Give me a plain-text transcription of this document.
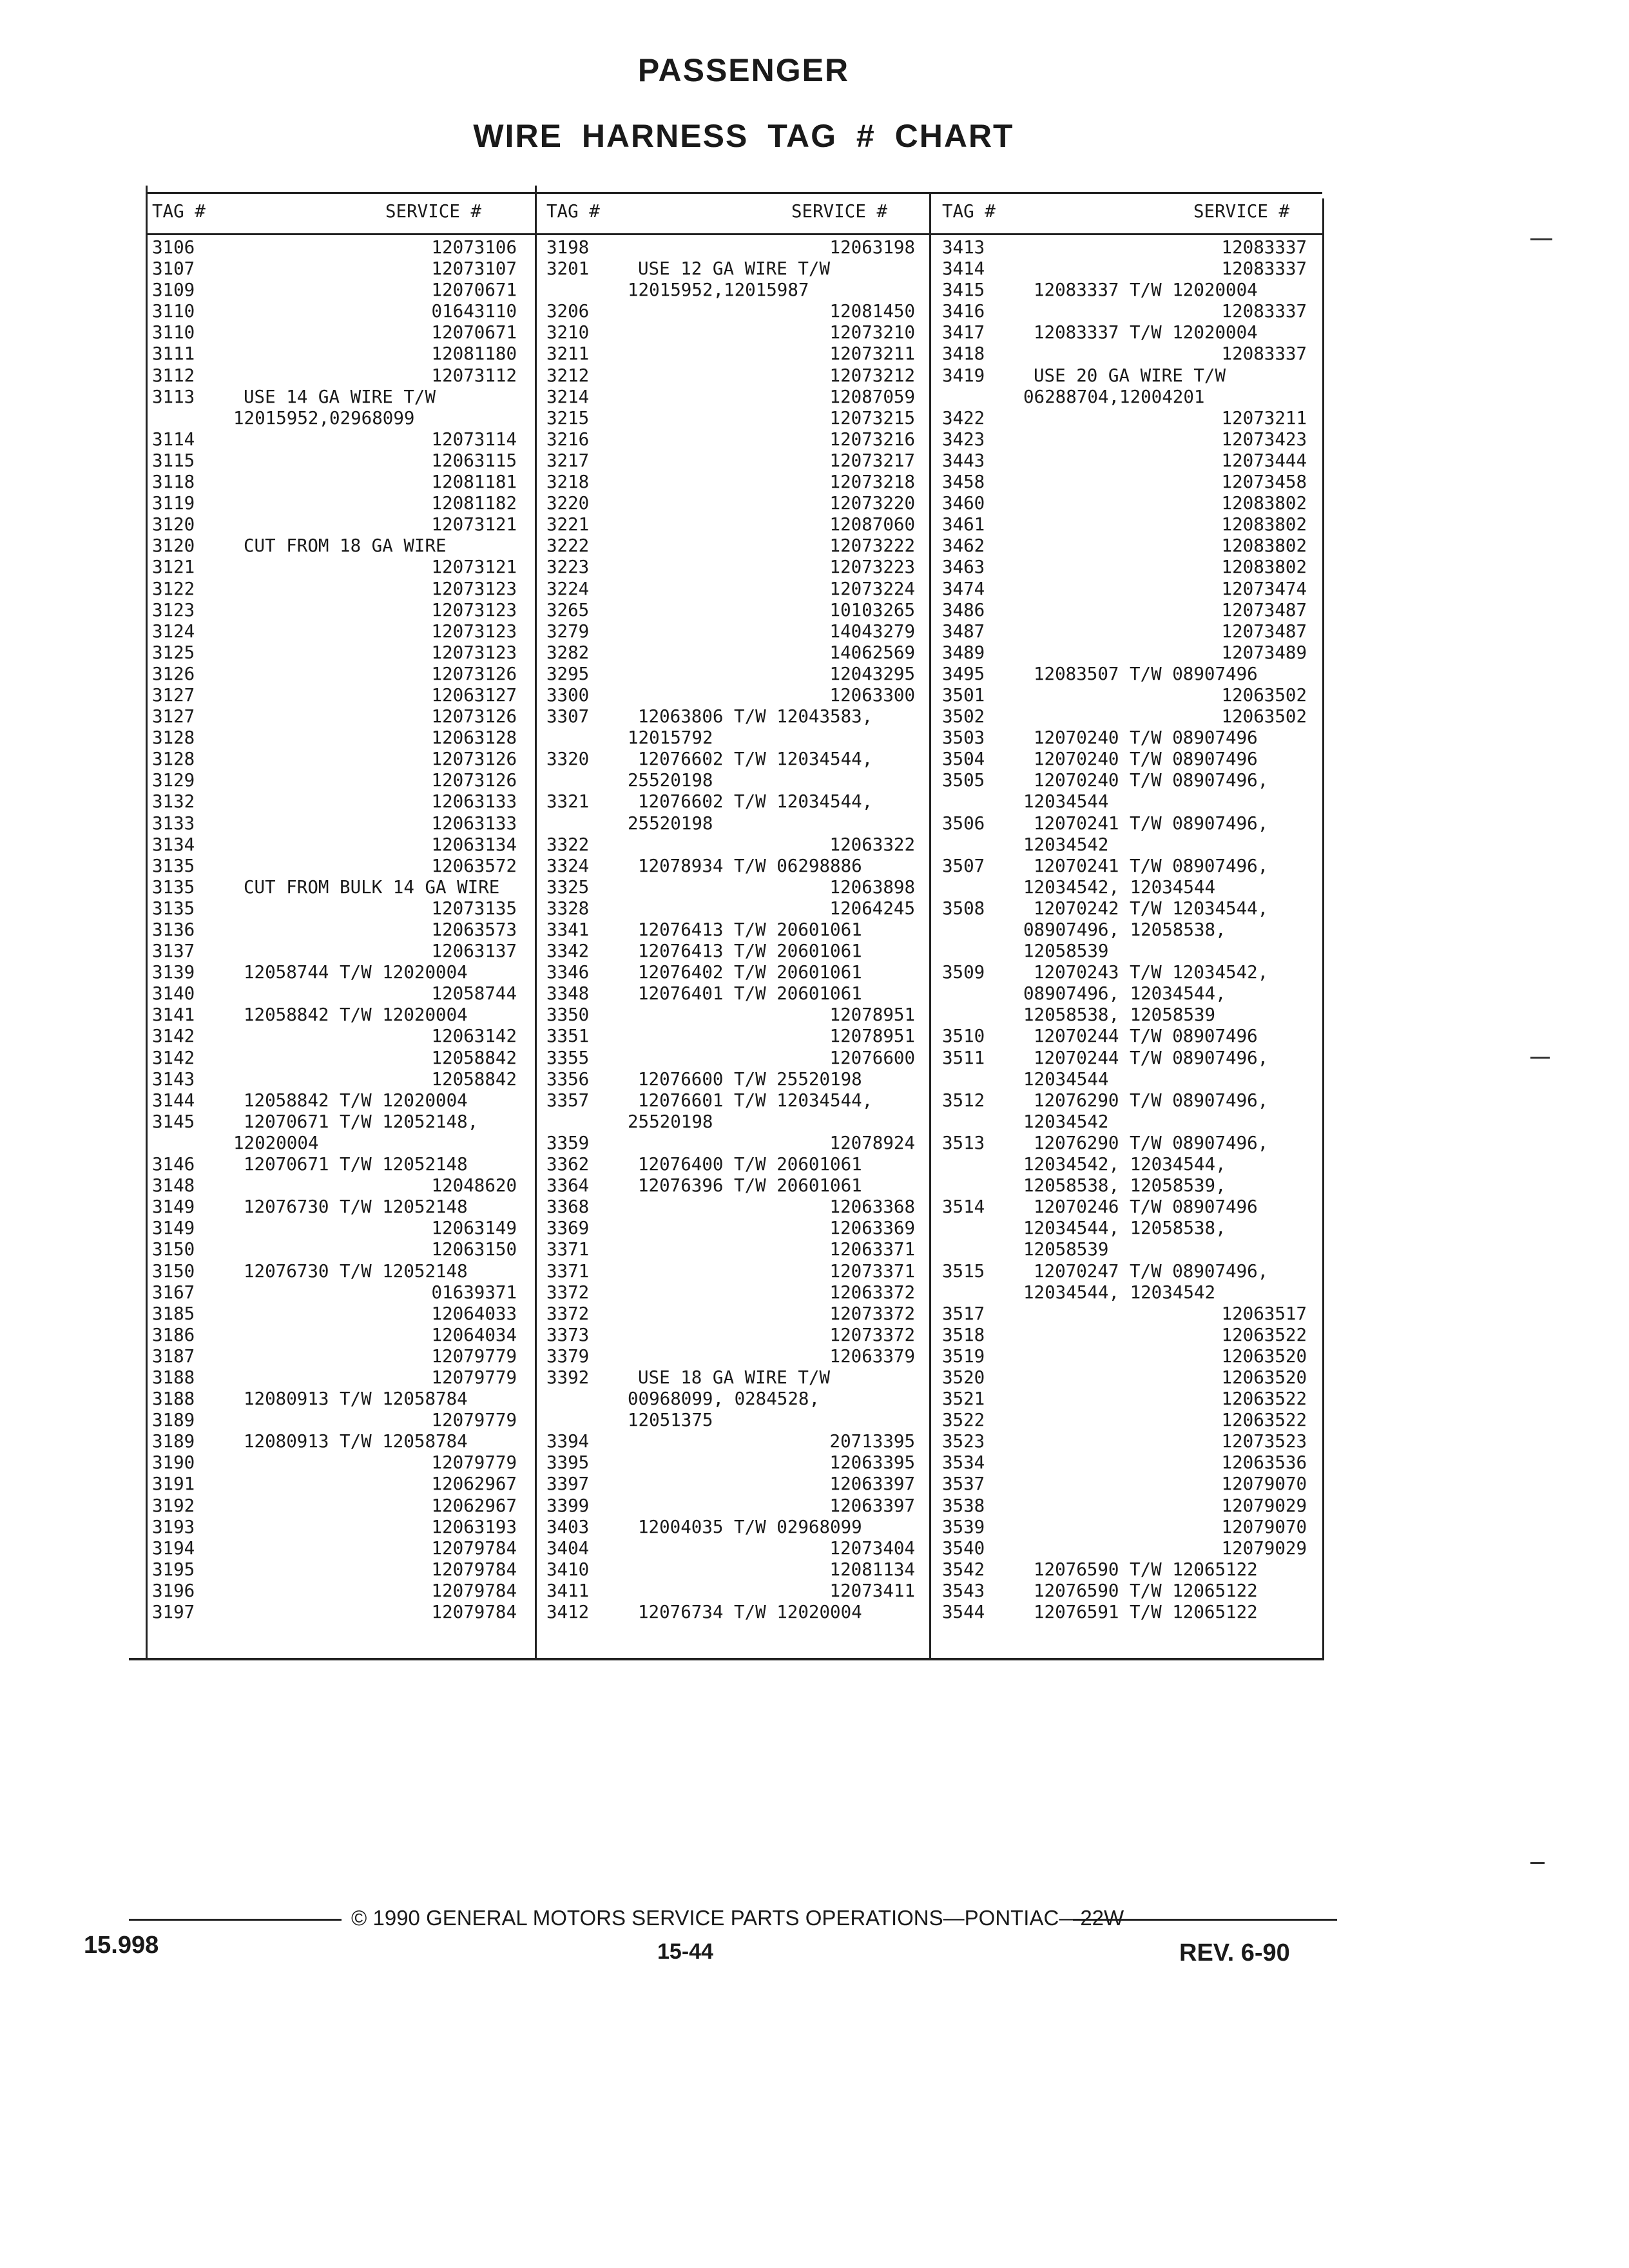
PASSENGER
WIRE HARNESS TAG # CHART
TAG #	SERVICE #
3106	12073106
3107	12073107
3109	12070671
3110	01643110
3110	12070671
3111	12081180
3112	12073112
3113	USE 14 GA WIRE T/W
12015952,02968099
3114	12073114
3115	12063115
3118	12081181
3119	12081182
3120	12073121
3120	CUT FROM 18 GA WIRE
3121	12073121
3122	12073123
3123	12073123
3124	12073123
3125	12073123
3126	12073126
3127	12063127
3127	12073126
3128	12063128
3128	12073126
3129	12073126
3132	12063133
3133	12063133
3134	12063134
3135	12063572
3135	CUT FROM BULK 14 GA WIRE
3135	12073135
3136	12063573
3137	12063137
3139	12058744 T/W 12020004
3140	12058744
3141	12058842 T/W 12020004
3142	12063142
3142	12058842
3143	12058842
3144	12058842 T/W 12020004
3145	12070671 T/W 12052148,
12020004
3146	12070671 T/W 12052148
3148	12048620
3149	12076730 T/W 12052148
3149	12063149
3150	12063150
3150	12076730 T/W 12052148
3167	01639371
3185	12064033
3186	12064034
3187	12079779
3188	12079779
3188	12080913 T/W 12058784
3189	12079779
3189	12080913 T/W 12058784
3190	12079779
3191	12062967
3192	12062967
3193	12063193
3194	12079784
3195	12079784
3196	12079784
3197	12079784
TAG #	SERVICE #
3198	12063198
3201	USE 12 GA WIRE T/W
12015952,12015987
3206	12081450
3210	12073210
3211	12073211
3212	12073212
3214	12087059
3215	12073215
3216	12073216
3217	12073217
3218	12073218
3220	12073220
3221	12087060
3222	12073222
3223	12073223
3224	12073224
3265	10103265
3279	14043279
3282	14062569
3295	12043295
3300	12063300
3307	12063806 T/W 12043583,
12015792
3320	12076602 T/W 12034544,
25520198
3321	12076602 T/W 12034544,
25520198
3322	12063322
3324	12078934 T/W 06298886
3325	12063898
3328	12064245
3341	12076413 T/W 20601061
3342	12076413 T/W 20601061
3346	12076402 T/W 20601061
3348	12076401 T/W 20601061
3350	12078951
3351	12078951
3355	12076600
3356	12076600 T/W 25520198
3357	12076601 T/W 12034544,
25520198
3359	12078924
3362	12076400 T/W 20601061
3364	12076396 T/W 20601061
3368	12063368
3369	12063369
3371	12063371
3371	12073371
3372	12063372
3372	12073372
3373	12073372
3379	12063379
3392	USE 18 GA WIRE T/W
00968099, 0284528,
12051375
3394	20713395
3395	12063395
3397	12063397
3399	12063397
3403	12004035 T/W 02968099
3404	12073404
3410	12081134
3411	12073411
3412	12076734 T/W 12020004
TAG #	SERVICE #
3413	12083337
3414	12083337
3415	12083337 T/W 12020004
3416	12083337
3417	12083337 T/W 12020004
3418	12083337
3419	USE 20 GA WIRE T/W
06288704,12004201
3422	12073211
3423	12073423
3443	12073444
3458	12073458
3460	12083802
3461	12083802
3462	12083802
3463	12083802
3474	12073474
3486	12073487
3487	12073487
3489	12073489
3495	12083507 T/W 08907496
3501	12063502
3502	12063502
3503	12070240 T/W 08907496
3504	12070240 T/W 08907496
3505	12070240 T/W 08907496,
12034544
3506	12070241 T/W 08907496,
12034542
3507	12070241 T/W 08907496,
12034542, 12034544
3508	12070242 T/W 12034544,
08907496, 12058538,
12058539
3509	12070243 T/W 12034542,
08907496, 12034544,
12058538, 12058539
3510	12070244 T/W 08907496
3511	12070244 T/W 08907496,
12034544
3512	12076290 T/W 08907496,
12034542
3513	12076290 T/W 08907496,
12034542, 12034544,
12058538, 12058539,
3514	12070246 T/W 08907496
12034544, 12058538,
12058539
3515	12070247 T/W 08907496,
12034544, 12034542
3517	12063517
3518	12063522
3519	12063520
3520	12063520
3521	12063522
3522	12063522
3523	12073523
3534	12063536
3537	12079070
3538	12079029
3539	12079070
3540	12079029
3542	12076590 T/W 12065122
3543	12076590 T/W 12065122
3544	12076591 T/W 12065122
© 1990 GENERAL MOTORS SERVICE PARTS OPERATIONS—PONTIAC—22W
15.998	15-44	REV. 6-90
